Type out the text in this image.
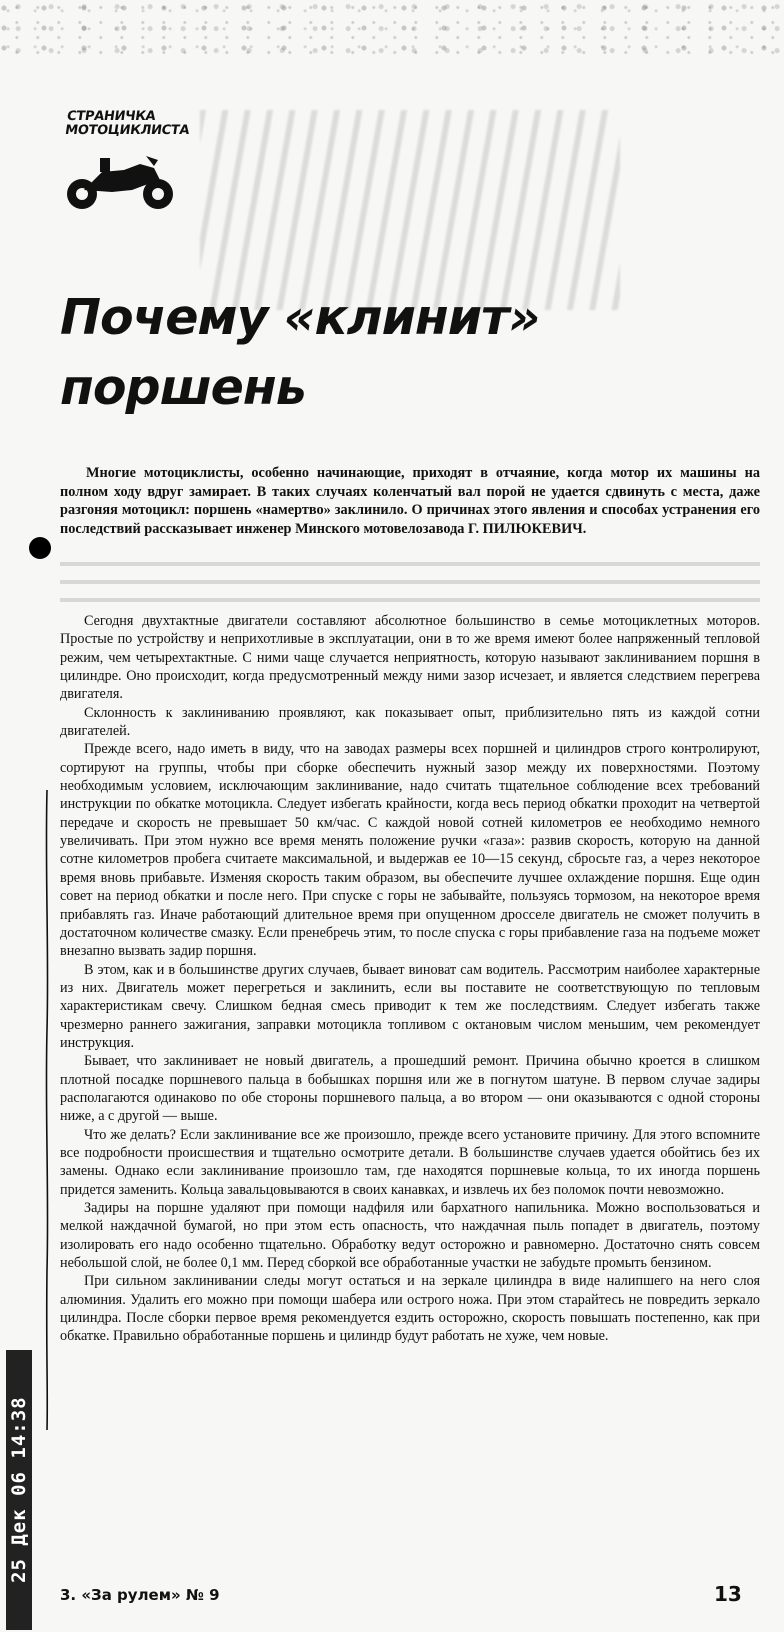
СТРАНИЧКА
МОТОЦИКЛИСТА
Почему «клинит»
поршень
Многие мотоциклисты, особенно начинающие, приходят в отчаяние, когда мотор их машины на полном ходу вдруг замирает. В таких случаях коленчатый вал порой не удается сдвинуть с места, даже разгоняя мотоцикл: поршень «намертво» заклинило. О причинах этого явления и способах устранения его последствий рассказывает инженер Минского мотовелозавода Г. ПИЛЮКЕВИЧ.

Сегодня двухтактные двигатели составляют абсолютное большинство в семье мотоциклетных моторов. Простые по устройству и неприхотливые в эксплуатации, они в то же время имеют более напряженный тепловой режим, чем четырехтактные. С ними чаще случается неприятность, которую называют заклиниванием поршня в цилиндре. Оно происходит, когда предусмотренный между ними зазор исчезает, и является следствием перегрева двигателя.

Склонность к заклиниванию проявляют, как показывает опыт, приблизительно пять из каждой сотни двигателей.

Прежде всего, надо иметь в виду, что на заводах размеры всех поршней и цилиндров строго контролируют, сортируют на группы, чтобы при сборке обеспечить нужный зазор между их поверхностями. Поэтому необходимым условием, исключающим заклинивание, надо считать тщательное соблюдение всех требований инструкции по обкатке мотоцикла. Следует избегать крайности, когда весь период обкатки проходит на четвертой передаче и скорость не превышает 50 км/час. С каждой новой сотней километров ее необходимо немного увеличивать. При этом нужно все время менять положение ручки «газа»: развив скорость, которую на данной сотне километров пробега считаете максимальной, и выдержав ее 10—15 секунд, сбросьте газ, а через некоторое время вновь прибавьте. Изменяя скорость таким образом, вы обеспечите лучшее охлаждение поршня. Еще один совет на период обкатки и после него. При спуске с горы не забывайте, пользуясь тормозом, на некоторое время прибавлять газ. Иначе работающий длительное время при опущенном дросселе двигатель не сможет получить в достаточном количестве смазку. Если пренебречь этим, то после спуска с горы прибавление газа на подъеме может внезапно вызвать задир поршня.

В этом, как и в большинстве других случаев, бывает виноват сам водитель. Рассмотрим наиболее характерные из них. Двигатель может перегреться и заклинить, если вы поставите не соответствующую по тепловым характеристикам свечу. Слишком бедная смесь приводит к тем же последствиям. Следует избегать также чрезмерно раннего зажигания, заправки мотоцикла топливом с октановым числом меньшим, чем рекомендует инструкция.

Бывает, что заклинивает не новый двигатель, а прошедший ремонт. Причина обычно кроется в слишком плотной посадке поршневого пальца в бобышках поршня или же в погнутом шатуне. В первом случае задиры располагаются одинаково по обе стороны поршневого пальца, а во втором — они оказываются с одной стороны ниже, а с другой — выше.

Что же делать? Если заклинивание все же произошло, прежде всего установите причину. Для этого вспомните все подробности происшествия и тщательно осмотрите детали. В большинстве случаев удается обойтись без их замены. Однако если заклинивание произошло там, где находятся поршневые кольца, то их иногда поршень придется заменить. Кольца завальцовываются в своих канавках, и извлечь их без поломок почти невозможно.

Задиры на поршне удаляют при помощи надфиля или бархатного напильника. Можно воспользоваться и мелкой наждачной бумагой, но при этом есть опасность, что наждачная пыль попадет в двигатель, поэтому изолировать его надо особенно тщательно. Обработку ведут осторожно и равномерно. Достаточно снять совсем небольшой слой, не более 0,1 мм. Перед сборкой все обработанные участки не забудьте промыть бензином.

При сильном заклинивании следы могут остаться и на зеркале цилиндра в виде налипшего на него слоя алюминия. Удалить его можно при помощи шабера или острого ножа. При этом старайтесь не повредить зеркало цилиндра. После сборки первое время рекомендуется ездить осторожно, скорость повышать постепенно, как при обкатке. Правильно обработанные поршень и цилиндр будут работать не хуже, чем новые.

25 Дек 06 14:38
3. «За рулем» № 9	13
